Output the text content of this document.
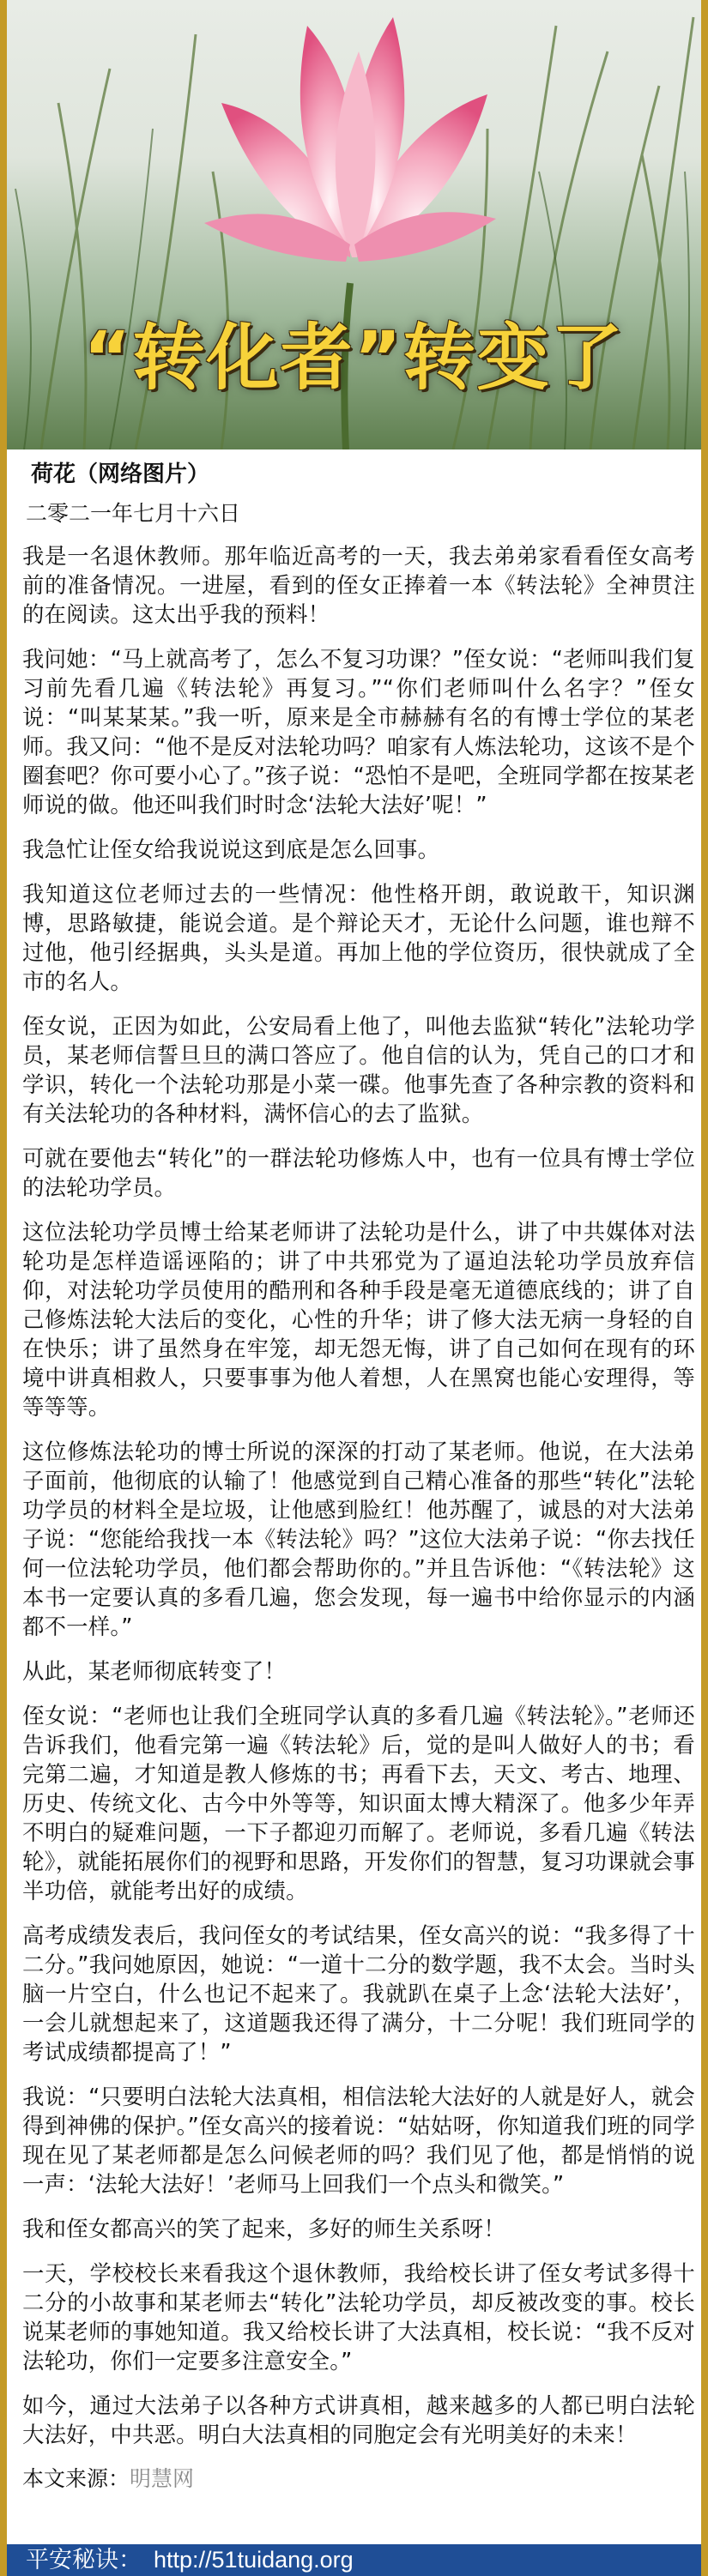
“转化者”转变了
荷花（网络图片）
二零二一年七月十六日

我是一名退休教师。那年临近高考的一天，我去弟弟家看看侄女高考前的准备情况。一进屋，看到的侄女正捧着一本《转法轮》全神贯注的在阅读。这太出乎我的预料！

我问她：“马上就高考了，怎么不复习功课？”侄女说：“老师叫我们复习前先看几遍《转法轮》再复习。”“你们老师叫什么名字？”侄女说：“叫某某某。”我一听，原来是全市赫赫有名的有博士学位的某老师。我又问：“他不是反对法轮功吗？咱家有人炼法轮功，这该不是个圈套吧？你可要小心了。”孩子说：“恐怕不是吧，全班同学都在按某老师说的做。他还叫我们时时念‘法轮大法好’呢！”

我急忙让侄女给我说说这到底是怎么回事。

我知道这位老师过去的一些情况：他性格开朗，敢说敢干，知识渊博，思路敏捷，能说会道。是个辩论天才，无论什么问题，谁也辩不过他，他引经据典，头头是道。再加上他的学位资历，很快就成了全市的名人。

侄女说，正因为如此，公安局看上他了，叫他去监狱“转化”法轮功学员，某老师信誓旦旦的满口答应了。他自信的认为，凭自己的口才和学识，转化一个法轮功那是小菜一碟。他事先查了各种宗教的资料和有关法轮功的各种材料，满怀信心的去了监狱。

可就在要他去“转化”的一群法轮功修炼人中，也有一位具有博士学位的法轮功学员。

这位法轮功学员博士给某老师讲了法轮功是什么，讲了中共媒体对法轮功是怎样造谣诬陷的；讲了中共邪党为了逼迫法轮功学员放弃信仰，对法轮功学员使用的酷刑和各种手段是毫无道德底线的；讲了自己修炼法轮大法后的变化，心性的升华；讲了修大法无病一身轻的自在快乐；讲了虽然身在牢笼，却无怨无悔，讲了自己如何在现有的环境中讲真相救人，只要事事为他人着想，人在黑窝也能心安理得，等等等等。

这位修炼法轮功的博士所说的深深的打动了某老师。他说，在大法弟子面前，他彻底的认输了！他感觉到自己精心准备的那些“转化”法轮功学员的材料全是垃圾，让他感到脸红！他苏醒了，诚恳的对大法弟子说：“您能给我找一本《转法轮》吗？”这位大法弟子说：“你去找任何一位法轮功学员，他们都会帮助你的。”并且告诉他：“《转法轮》这本书一定要认真的多看几遍，您会发现，每一遍书中给你显示的内涵都不一样。”

从此，某老师彻底转变了！

侄女说：“老师也让我们全班同学认真的多看几遍《转法轮》。”老师还告诉我们，他看完第一遍《转法轮》后，觉的是叫人做好人的书；看完第二遍，才知道是教人修炼的书；再看下去，天文、考古、地理、历史、传统文化、古今中外等等，知识面太博大精深了。他多少年弄不明白的疑难问题，一下子都迎刃而解了。老师说，多看几遍《转法轮》，就能拓展你们的视野和思路，开发你们的智慧，复习功课就会事半功倍，就能考出好的成绩。

高考成绩发表后，我问侄女的考试结果，侄女高兴的说：“我多得了十二分。”我问她原因，她说：“一道十二分的数学题，我不太会。当时头脑一片空白，什么也记不起来了。我就趴在桌子上念‘法轮大法好’，一会儿就想起来了，这道题我还得了满分，十二分呢！我们班同学的考试成绩都提高了！”

我说：“只要明白法轮大法真相，相信法轮大法好的人就是好人，就会得到神佛的保护。”侄女高兴的接着说：“姑姑呀，你知道我们班的同学现在见了某老师都是怎么问候老师的吗？我们见了他，都是悄悄的说一声：‘法轮大法好！’老师马上回我们一个点头和微笑。”

我和侄女都高兴的笑了起来，多好的师生关系呀！

一天，学校校长来看我这个退休教师，我给校长讲了侄女考试多得十二分的小故事和某老师去“转化”法轮功学员，却反被改变的事。校长说某老师的事她知道。我又给校长讲了大法真相，校长说：“我不反对法轮功，你们一定要多注意安全。”

如今，通过大法弟子以各种方式讲真相，越来越多的人都已明白法轮大法好，中共恶。明白大法真相的同胞定会有光明美好的未来！

本文来源：明慧网
平安秘诀： http://51tuidang.org
